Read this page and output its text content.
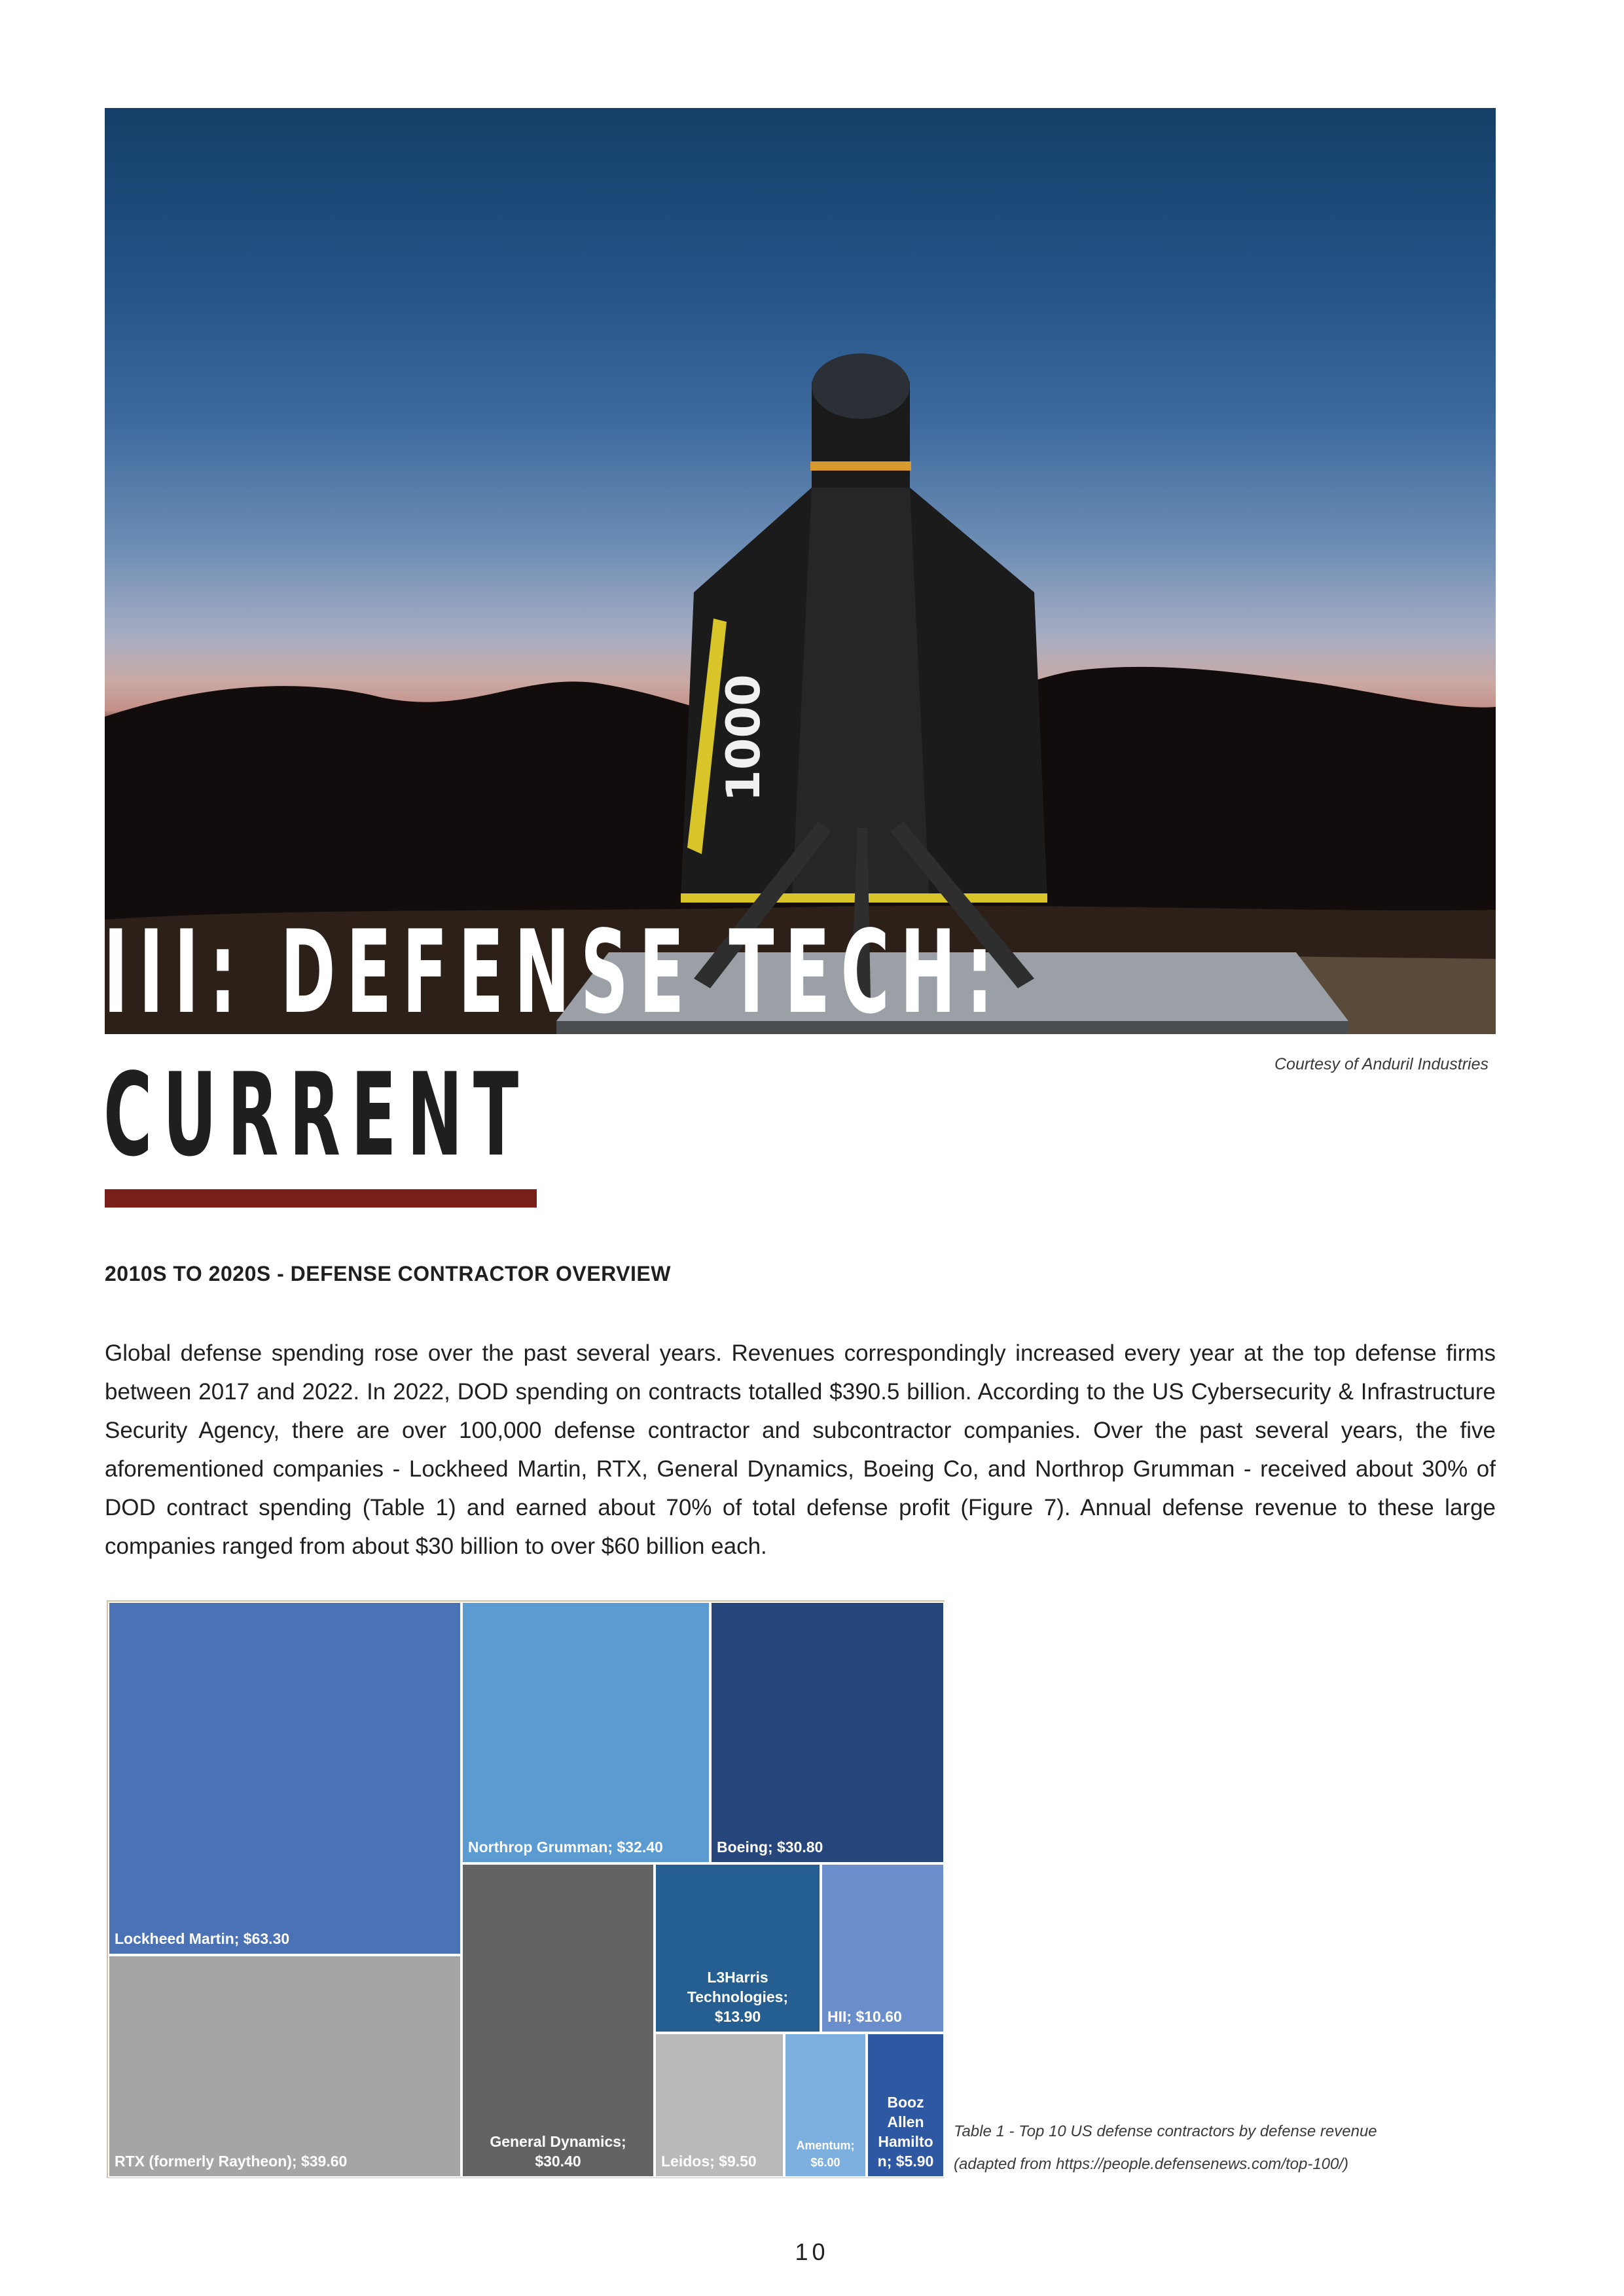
1000
III: DEFENSE TECH:
CURRENT	Courtesy of Anduril Industries
2010S TO 2020S - DEFENSE CONTRACTOR OVERVIEW

Global defense spending rose over the past several years. Revenues correspondingly increased every year at the top defense firms between 2017 and 2022. In 2022, DOD spending on contracts totalled $390.5 billion. According to the US Cybersecurity & Infrastructure Security Agency, there are over 100,000 defense contractor and subcontractor companies. Over the past several years, the five aforementioned companies - Lockheed Martin, RTX, General Dynamics, Boeing Co, and Northrop Grumman - received about 30% of DOD contract spending (Table 1) and earned about 70% of total defense profit (Figure 7). Annual defense revenue to these large companies ranged from about $30 billion to over $60 billion each.

Lockheed Martin; $63.30
RTX (formerly Raytheon); $39.60
Northrop Grumman; $32.40	Boeing; $30.80
General Dynamics;
$30.40
L3Harris
Technologies;
$13.90	HII; $10.60
Leidos; $9.50
Amentum;
$6.00
Booz
Allen
Hamilto
n; $5.90
Table 1 - Top 10 US defense contractors by defense revenue
(adapted from https://people.defensenews.com/top-100/)
10
